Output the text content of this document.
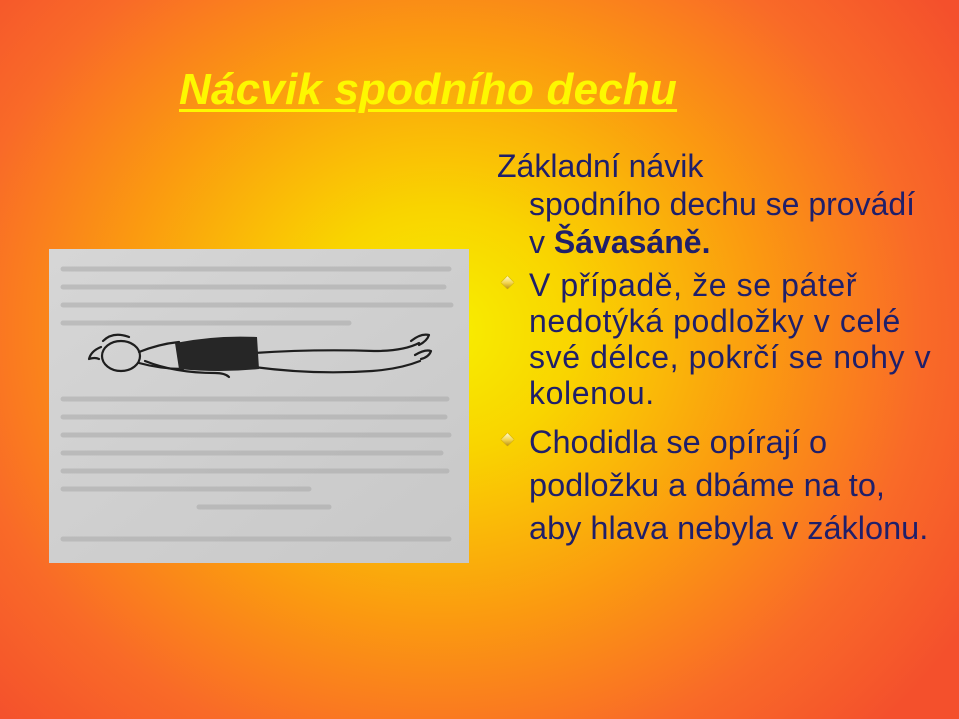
Nácvik spodního dechu

Základní návik
spodního dechu se provádí v Šávasáně.

V případě, že se páteř nedotýká podložky v celé své délce, pokrčí se nohy v kolenou.

Chodidla se opírají o podložku a dbáme na to, aby hlava nebyla v záklonu.
